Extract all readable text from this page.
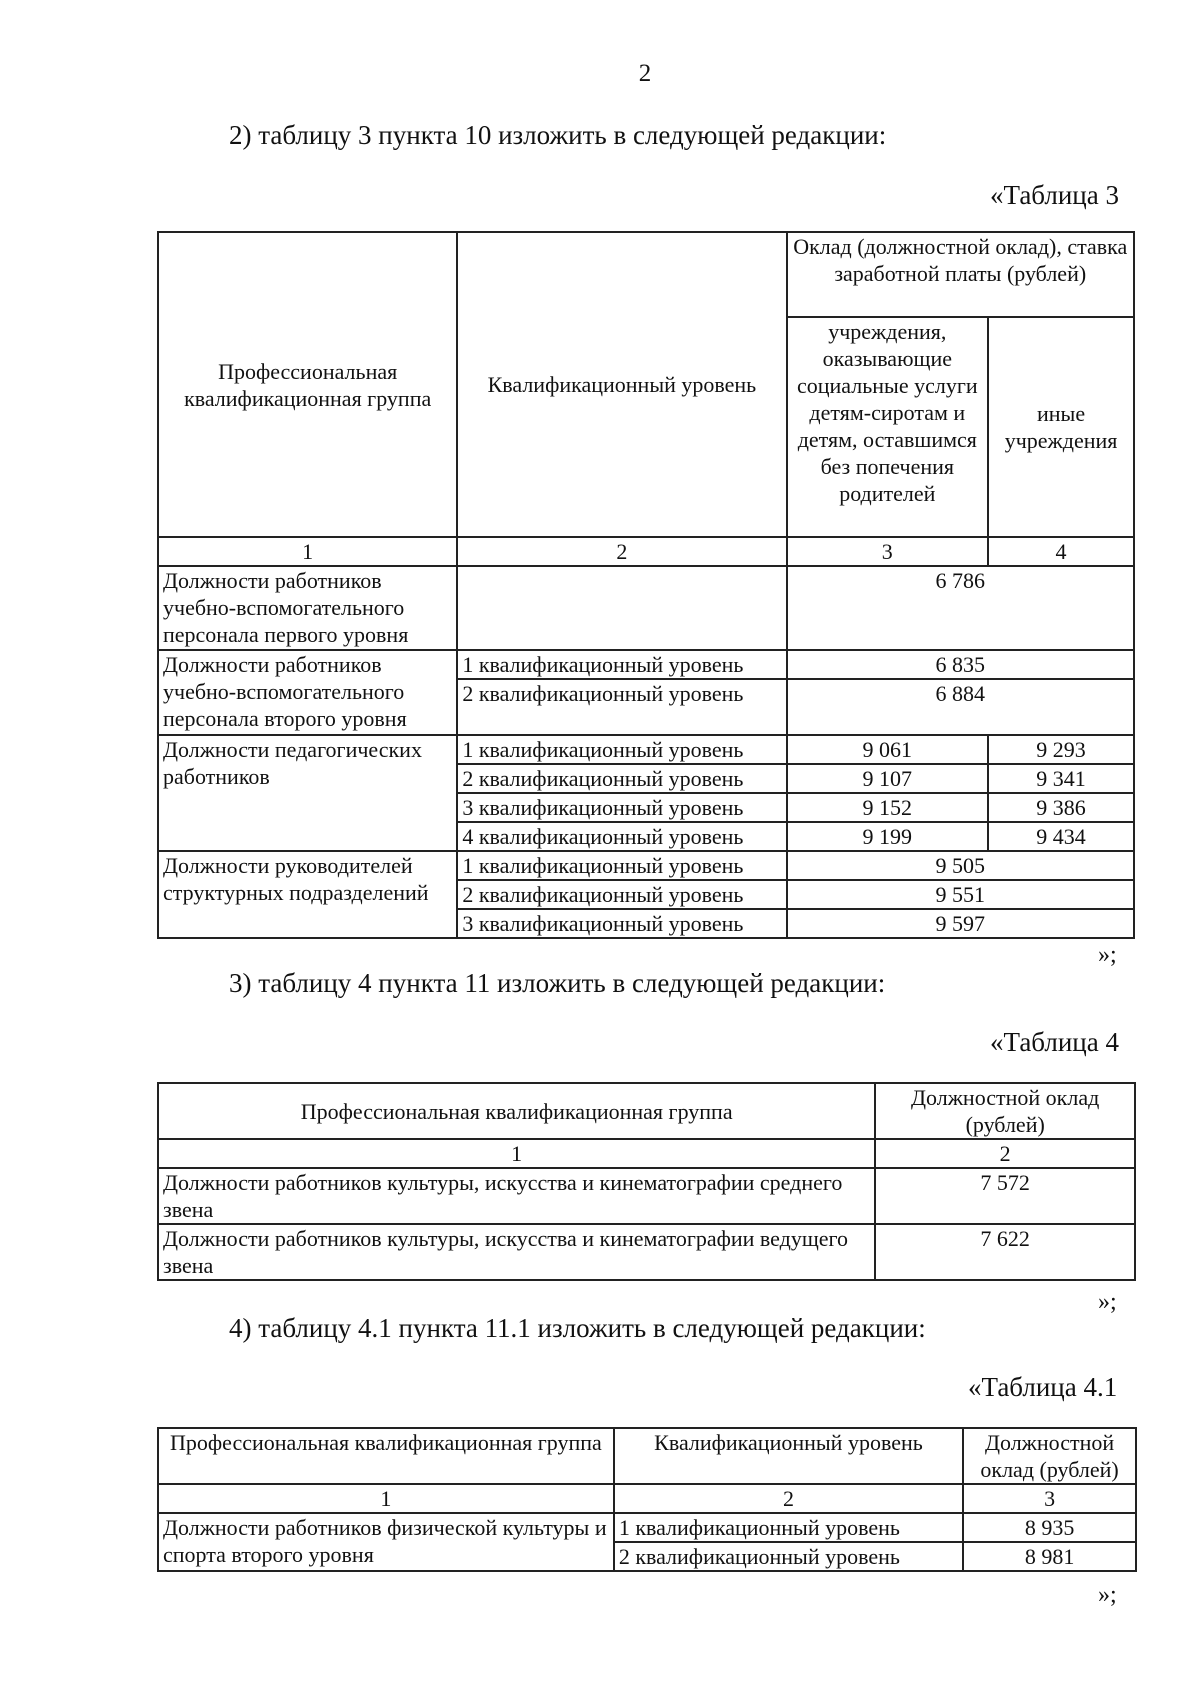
2
2) таблицу 3 пункта 10 изложить в следующей редакции:
«Таблица 3
Профессиональная квалификационная группа	Квалификационный уровень	Оклад (должностной оклад), ставка заработной платы (рублей)	
		учреждения, оказывающие социальные услуги детям-сиротам и детям, оставшимся без попечения родителей	иные учреждения
1	2	3	4
Должности работников учебно-вспомогательного персонала первого уровня		6 786	
Должности работников учебно-вспомогательного персонала второго уровня	1 квалификационный уровень	6 835	
	2 квалификационный уровень	6 884	
Должности педагогических работников	1 квалификационный уровень	9 061	9 293
	2 квалификационный уровень	9 107	9 341
	3 квалификационный уровень	9 152	9 386
	4 квалификационный уровень	9 199	9 434
Должности руководителей структурных подразделений	1 квалификационный уровень	9 505	
	2 квалификационный уровень	9 551	
	3 квалификационный уровень	9 597	
»;
3) таблицу 4 пункта 11 изложить в следующей редакции:
«Таблица 4
Профессиональная квалификационная группа	Должностной оклад (рублей)
1	2
Должности работников культуры, искусства и кинематографии среднего звена	7 572
Должности работников культуры, искусства и кинематографии ведущего звена	7 622
»;
4) таблицу 4.1 пункта 11.1 изложить в следующей редакции:
«Таблица 4.1
Профессиональная квалификационная группа	Квалификационный уровень	Должностной оклад (рублей)
1	2	3
Должности работников физической культуры и спорта второго уровня	1 квалификационный уровень	8 935
	2 квалификационный уровень	8 981
»;
